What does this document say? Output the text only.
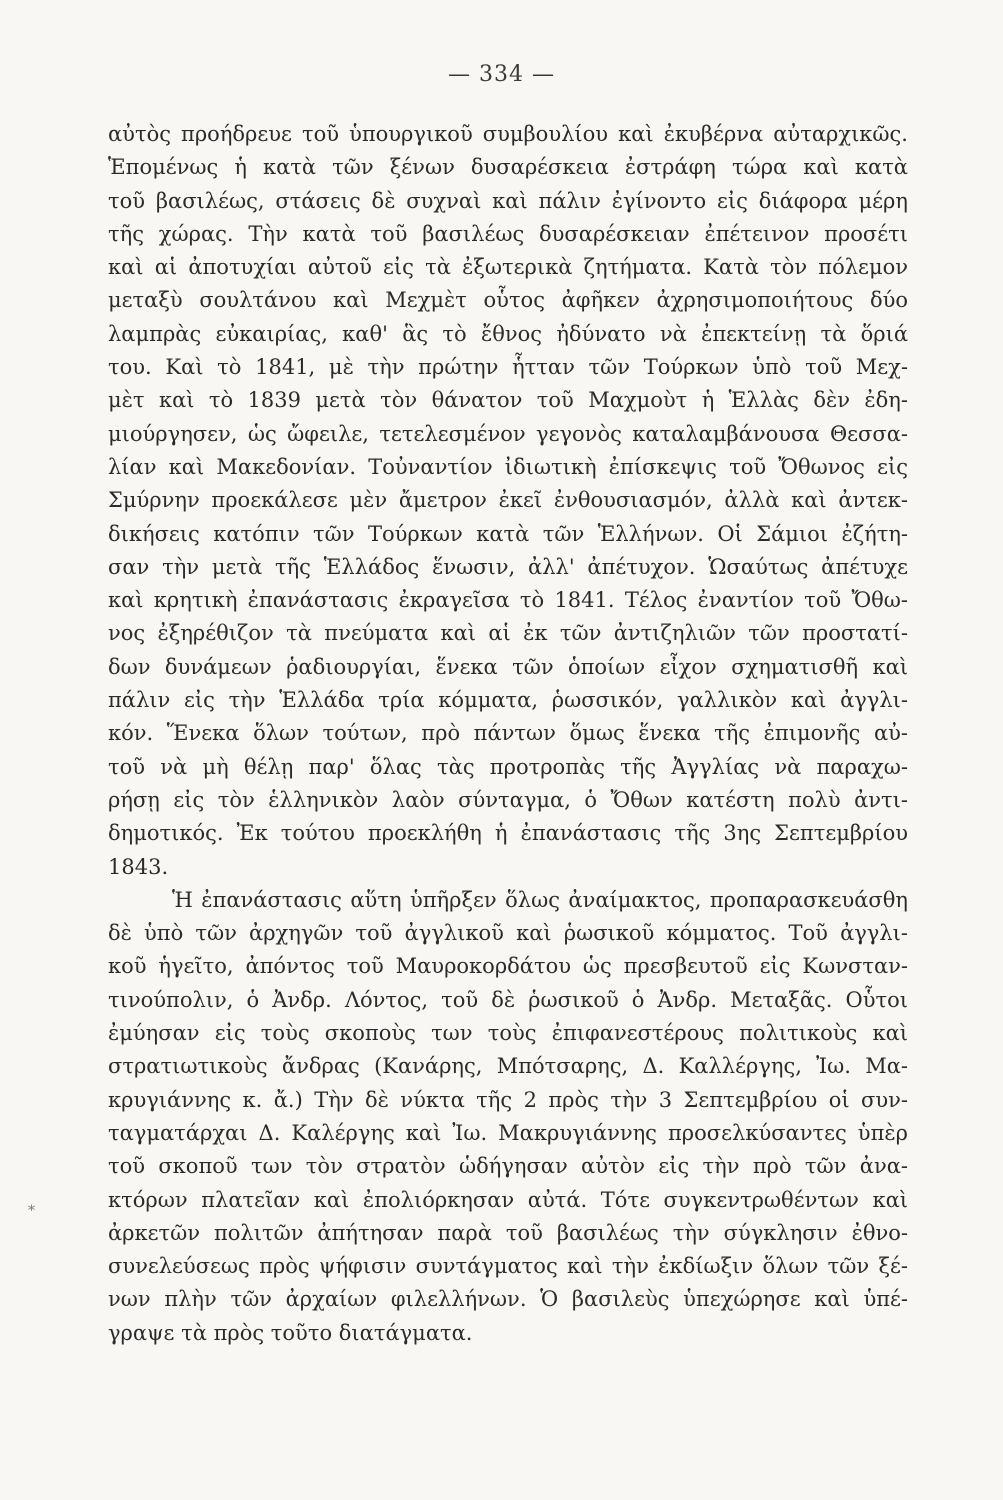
— 334 —
*
αὐτὸς προήδρευε τοῦ ὑπουργικοῦ συμβουλίου καὶ ἐκυβέρνα αὐταρχικῶς.
Ἑπομένως ἡ κατὰ τῶν ξένων δυσαρέσκεια ἐστράφη τώρα καὶ κατὰ
τοῦ βασιλέως, στάσεις δὲ συχναὶ καὶ πάλιν ἐγίνοντο εἰς διάφορα μέρη
τῆς χώρας. Τὴν κατὰ τοῦ βασιλέως δυσαρέσκειαν ἐπέτεινον προσέτι
καὶ αἱ ἀποτυχίαι αὐτοῦ εἰς τὰ ἐξωτερικὰ ζητήματα. Κατὰ τὸν πόλεμον
μεταξὺ σουλτάνου καὶ Μεχμὲτ οὗτος ἀφῆκεν ἀχρησιμοποιήτους δύο
λαμπρὰς εὐκαιρίας, καθ' ἃς τὸ ἔθνος ἠδύνατο νὰ ἐπεκτείνῃ τὰ ὅριά
του. Καὶ τὸ 1841, μὲ τὴν πρώτην ἧτταν τῶν Τούρκων ὑπὸ τοῦ Μεχ-
μὲτ καὶ τὸ 1839 μετὰ τὸν θάνατον τοῦ Μαχμοὺτ ἡ Ἑλλὰς δὲν ἐδη-
μιούργησεν, ὡς ὤφειλε, τετελεσμένον γεγονὸς καταλαμβάνουσα Θεσσα-
λίαν καὶ Μακεδονίαν. Τοὐναντίον ἰδιωτικὴ ἐπίσκεψις τοῦ Ὄθωνος εἰς
Σμύρνην προεκάλεσε μὲν ἄμετρον ἐκεῖ ἐνθουσιασμόν, ἀλλὰ καὶ ἀντεκ-
δικήσεις κατόπιν τῶν Τούρκων κατὰ τῶν Ἑλλήνων. Οἱ Σάμιοι ἐζήτη-
σαν τὴν μετὰ τῆς Ἑλλάδος ἕνωσιν, ἀλλ' ἀπέτυχον. Ὡσαύτως ἀπέτυχε
καὶ κρητικὴ ἐπανάστασις ἐκραγεῖσα τὸ 1841. Τέλος ἐναντίον τοῦ Ὄθω-
νος ἐξηρέθιζον τὰ πνεύματα καὶ αἱ ἐκ τῶν ἀντιζηλιῶν τῶν προστατί-
δων δυνάμεων ῥαδιουργίαι, ἕνεκα τῶν ὁποίων εἶχον σχηματισθῆ καὶ
πάλιν εἰς τὴν Ἑλλάδα τρία κόμματα, ῥωσσικόν, γαλλικὸν καὶ ἀγγλι-
κόν. Ἕνεκα ὅλων τούτων, πρὸ πάντων ὅμως ἕνεκα τῆς ἐπιμονῆς αὐ-
τοῦ νὰ μὴ θέλῃ παρ' ὅλας τὰς προτροπὰς τῆς Ἀγγλίας νὰ παραχω-
ρήσῃ εἰς τὸν ἑλληνικὸν λαὸν σύνταγμα, ὁ Ὄθων κατέστη πολὺ ἀντι-
δημοτικός. Ἐκ τούτου προεκλήθη ἡ ἐπανάστασις τῆς 3ης Σεπτεμβρίου
1843.
Ἡ ἐπανάστασις αὕτη ὑπῆρξεν ὅλως ἀναίμακτος, προπαρασκευάσθη
δὲ ὑπὸ τῶν ἀρχηγῶν τοῦ ἀγγλικοῦ καὶ ῥωσικοῦ κόμματος. Τοῦ ἀγγλι-
κοῦ ἡγεῖτο, ἀπόντος τοῦ Μαυροκορδάτου ὡς πρεσβευτοῦ εἰς Κωνσταν-
τινούπολιν, ὁ Ἀνδρ. Λόντος, τοῦ δὲ ῥωσικοῦ ὁ Ἀνδρ. Μεταξᾶς. Οὗτοι
ἐμύησαν εἰς τοὺς σκοποὺς των τοὺς ἐπιφανεστέρους πολιτικοὺς καὶ
στρατιωτικοὺς ἄνδρας (Κανάρης, Μπότσαρης, Δ. Καλλέργης, Ἰω. Μα-
κρυγιάννης κ. ἄ.) Τὴν δὲ νύκτα τῆς 2 πρὸς τὴν 3 Σεπτεμβρίου οἱ συν-
ταγματάρχαι Δ. Καλέργης καὶ Ἰω. Μακρυγιάννης προσελκύσαντες ὑπὲρ
τοῦ σκοποῦ των τὸν στρατὸν ὡδήγησαν αὐτὸν εἰς τὴν πρὸ τῶν ἀνα-
κτόρων πλατεῖαν καὶ ἐπολιόρκησαν αὐτά. Τότε συγκεντρωθέντων καὶ
ἀρκετῶν πολιτῶν ἀπήτησαν παρὰ τοῦ βασιλέως τὴν σύγκλησιν ἐθνο-
συνελεύσεως πρὸς ψήφισιν συντάγματος καὶ τὴν ἐκδίωξιν ὅλων τῶν ξέ-
νων πλὴν τῶν ἀρχαίων φιλελλήνων. Ὁ βασιλεὺς ὑπεχώρησε καὶ ὑπέ-
γραψε τὰ πρὸς τοῦτο διατάγματα.
